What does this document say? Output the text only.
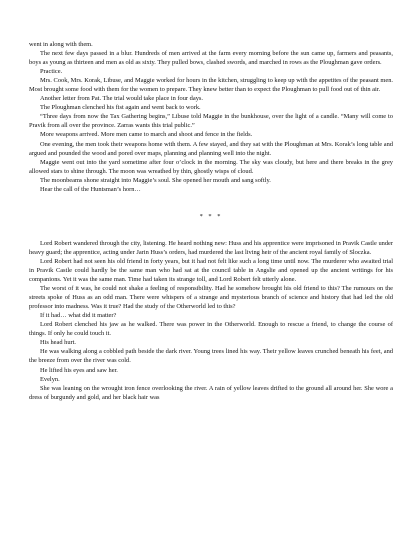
went in along with them.

The next few days passed in a blur. Hundreds of men arrived at the farm every morning before the sun came up, farmers and peasants, boys as young as thirteen and men as old as sixty. They pulled bows, clashed swords, and marched in rows as the Ploughman gave orders.

Practice.

Mrs. Cook, Mrs. Korak, Libuse, and Maggie worked for hours in the kitchen, struggling to keep up with the appetites of the peasant men. Most brought some food with them for the women to prepare. They knew better than to expect the Ploughman to pull food out of thin air.

Another letter from Pat. The trial would take place in four days.

The Ploughman clenched his fist again and went back to work.

“Three days from now the Tax Gathering begins,” Libuse told Maggie in the bunkhouse, over the light of a candle. “Many will come to Pravik from all over the province. Zarras wants this trial public.”

More weapons arrived. More men came to march and shoot and fence in the fields.

One evening, the men took their weapons home with them. A few stayed, and they sat with the Ploughman at Mrs. Korak’s long table and argued and pounded the wood and pored over maps, planning and planning well into the night.

Maggie went out into the yard sometime after four o’clock in the morning. The sky was cloudy, but here and there breaks in the grey allowed stars to shine through. The moon was wreathed by thin, ghostly wisps of cloud.

The moonbeams shone straight into Maggie’s soul. She opened her mouth and sang softly.

Hear the call of the Huntsman’s horn…

* * *

Lord Robert wandered through the city, listening. He heard nothing new: Huss and his apprentice were imprisoned in Pravik Castle under heavy guard; the apprentice, acting under Jarin Huss’s orders, had murdered the last living heir of the ancient royal family of Sloczka.

Lord Robert had not seen his old friend in forty years, but it had not felt like such a long time until now. The murderer who awaited trial in Pravik Castle could hardly be the same man who had sat at the council table in Angslie and opened up the ancient writings for his companions. Yet it was the same man. Time had taken its strange toll, and Lord Robert felt utterly alone.

The worst of it was, he could not shake a feeling of responsibility. Had he somehow brought his old friend to this? The rumours on the streets spoke of Huss as an odd man. There were whispers of a strange and mysterious branch of science and history that had led the old professor into madness. Was it true? Had the study of the Otherworld led to this?

If it had… what did it matter?

Lord Robert clenched his jaw as he walked. There was power in the Otherworld. Enough to rescue a friend, to change the course of things. If only he could touch it.

His head hurt.

He was walking along a cobbled path beside the dark river. Young trees lined his way. Their yellow leaves crunched beneath his feet, and the breeze from over the river was cold.

He lifted his eyes and saw her.

Evelyn.

She was leaning on the wrought iron fence overlooking the river. A rain of yellow leaves drifted to the ground all around her. She wore a dress of burgundy and gold, and her black hair was
